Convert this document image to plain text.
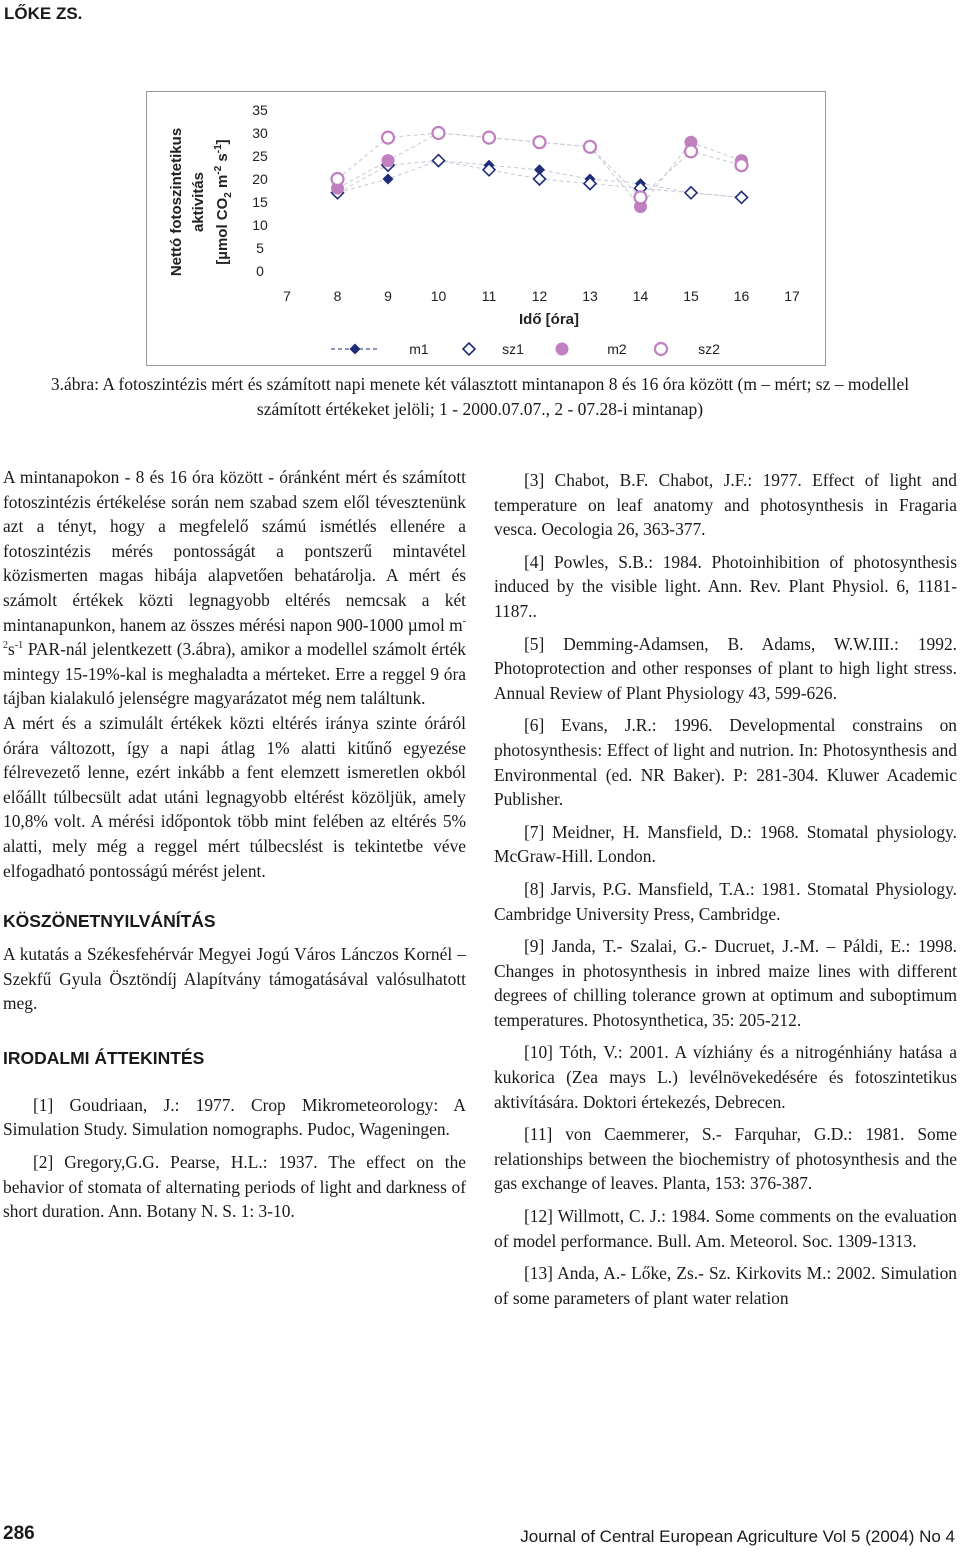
LŐKE ZS.
Nettó fotoszintetikus aktivitás [µmol $CO_2$ $m^{-2}$ $s^{-1}$]
0
5
10
15
20
25
30
35
7	8	9	10	11	12 13 14 15 16 17
Idő [óra]
m1	sz1	m2	sz2
3.ábra: A fotoszintézis mért és számított napi menete két választott mintanapon 8 és 16 óra között (m – mért; sz – modellel számított értékeket jelöli; 1 - 2000.07.07., 2 - 07.28-i mintanap)

A mintanapokon - 8 és 16 óra között - óránként mért és számított fotoszintézis értékelése során nem szabad szem elől tévesztenünk azt a tényt, hogy a megfelelő számú ismétlés ellenére a fotoszintézis mérés pontosságát a pontszerű mintavétel közismerten magas hibája alapvetően behatárolja. A mért és számolt értékek közti legnagyobb eltérés nemcsak a két mintanapunkon, hanem az összes mérési napon 900-1000 µmol $m^{-2}s^{-1}$ PAR-nál jelentkezett (3.ábra), amikor a modellel számolt érték mintegy 15-19%-kal is meghaladta a mérteket. Erre a reggel 9 óra tájban kialakuló jelenségre magyarázatot még nem találtunk.

A mért és a szimulált értékek közti eltérés iránya szinte óráról órára változott, így a napi átlag 1% alatti kitűnő egyezése félrevezető lenne, ezért inkább a fent elemzett ismeretlen okból előállt túlbecsült adat utáni legnagyobb eltérést közöljük, amely 10,8% volt. A mérési időpontok több mint felében az eltérés 5% alatti, mely még a reggel mért túlbecslést is tekintetbe véve elfogadható pontosságú mérést jelent.

KÖSZÖNETNYILVÁNÍTÁS

A kutatás a Székesfehérvár Megyei Jogú Város Lánczos Kornél – Szekfű Gyula Ösztöndíj Alapítvány támogatásával valósulhatott meg.

IRODALMI ÁTTEKINTÉS

[1] Goudriaan, J.: 1977. Crop Mikrometeorology: A Simulation Study. Simulation nomographs. Pudoc, Wageningen.

[2] Gregory,G.G. Pearse, H.L.: 1937. The effect on the behavior of stomata of alternating periods of light and darkness of short duration. Ann. Botany N. S. 1: 3-10.

[3] Chabot, B.F. Chabot, J.F.: 1977. Effect of light and temperature on leaf anatomy and photosynthesis in Fragaria vesca. Oecologia 26, 363-377.

[4] Powles, S.B.: 1984. Photoinhibition of photosynthesis induced by the visible light. Ann. Rev. Plant Physiol. 6, 1181-1187..

[5] Demming-Adamsen, B. Adams, W.W.III.: 1992. Photoprotection and other responses of plant to high light stress. Annual Review of Plant Physiology 43, 599-626.

[6] Evans, J.R.: 1996. Developmental constrains on photosynthesis: Effect of light and nutrion. In: Photosynthesis and Environmental (ed. NR Baker). P: 281-304. Kluwer Academic Publisher.

[7] Meidner, H. Mansfield, D.: 1968. Stomatal physiology. McGraw-Hill. London.

[8] Jarvis, P.G. Mansfield, T.A.: 1981. Stomatal Physiology. Cambridge University Press, Cambridge.

[9] Janda, T.- Szalai, G.- Ducruet, J.-M. – Páldi, E.: 1998. Changes in photosynthesis in inbred maize lines with different degrees of chilling tolerance grown at optimum and suboptimum temperatures. Photosynthetica, 35: 205-212.

[10] Tóth, V.: 2001. A vízhiány és a nitrogénhiány hatása a kukorica (Zea mays L.) levélnövekedésére és fotoszintetikus aktivítására. Doktori értekezés, Debrecen.

[11] von Caemmerer, S.- Farquhar, G.D.: 1981. Some relationships between the biochemistry of photosynthesis and the gas exchange of leaves. Planta, 153: 376-387.

[12] Willmott, C. J.: 1984. Some comments on the evaluation of model performance. Bull. Am. Meteorol. Soc. 1309-1313.

[13] Anda, A.- Lőke, Zs.- Sz. Kirkovits M.: 2002. Simulation of some parameters of plant water relation

286	Journal of Central European Agriculture Vol 5 (2004) No 4
